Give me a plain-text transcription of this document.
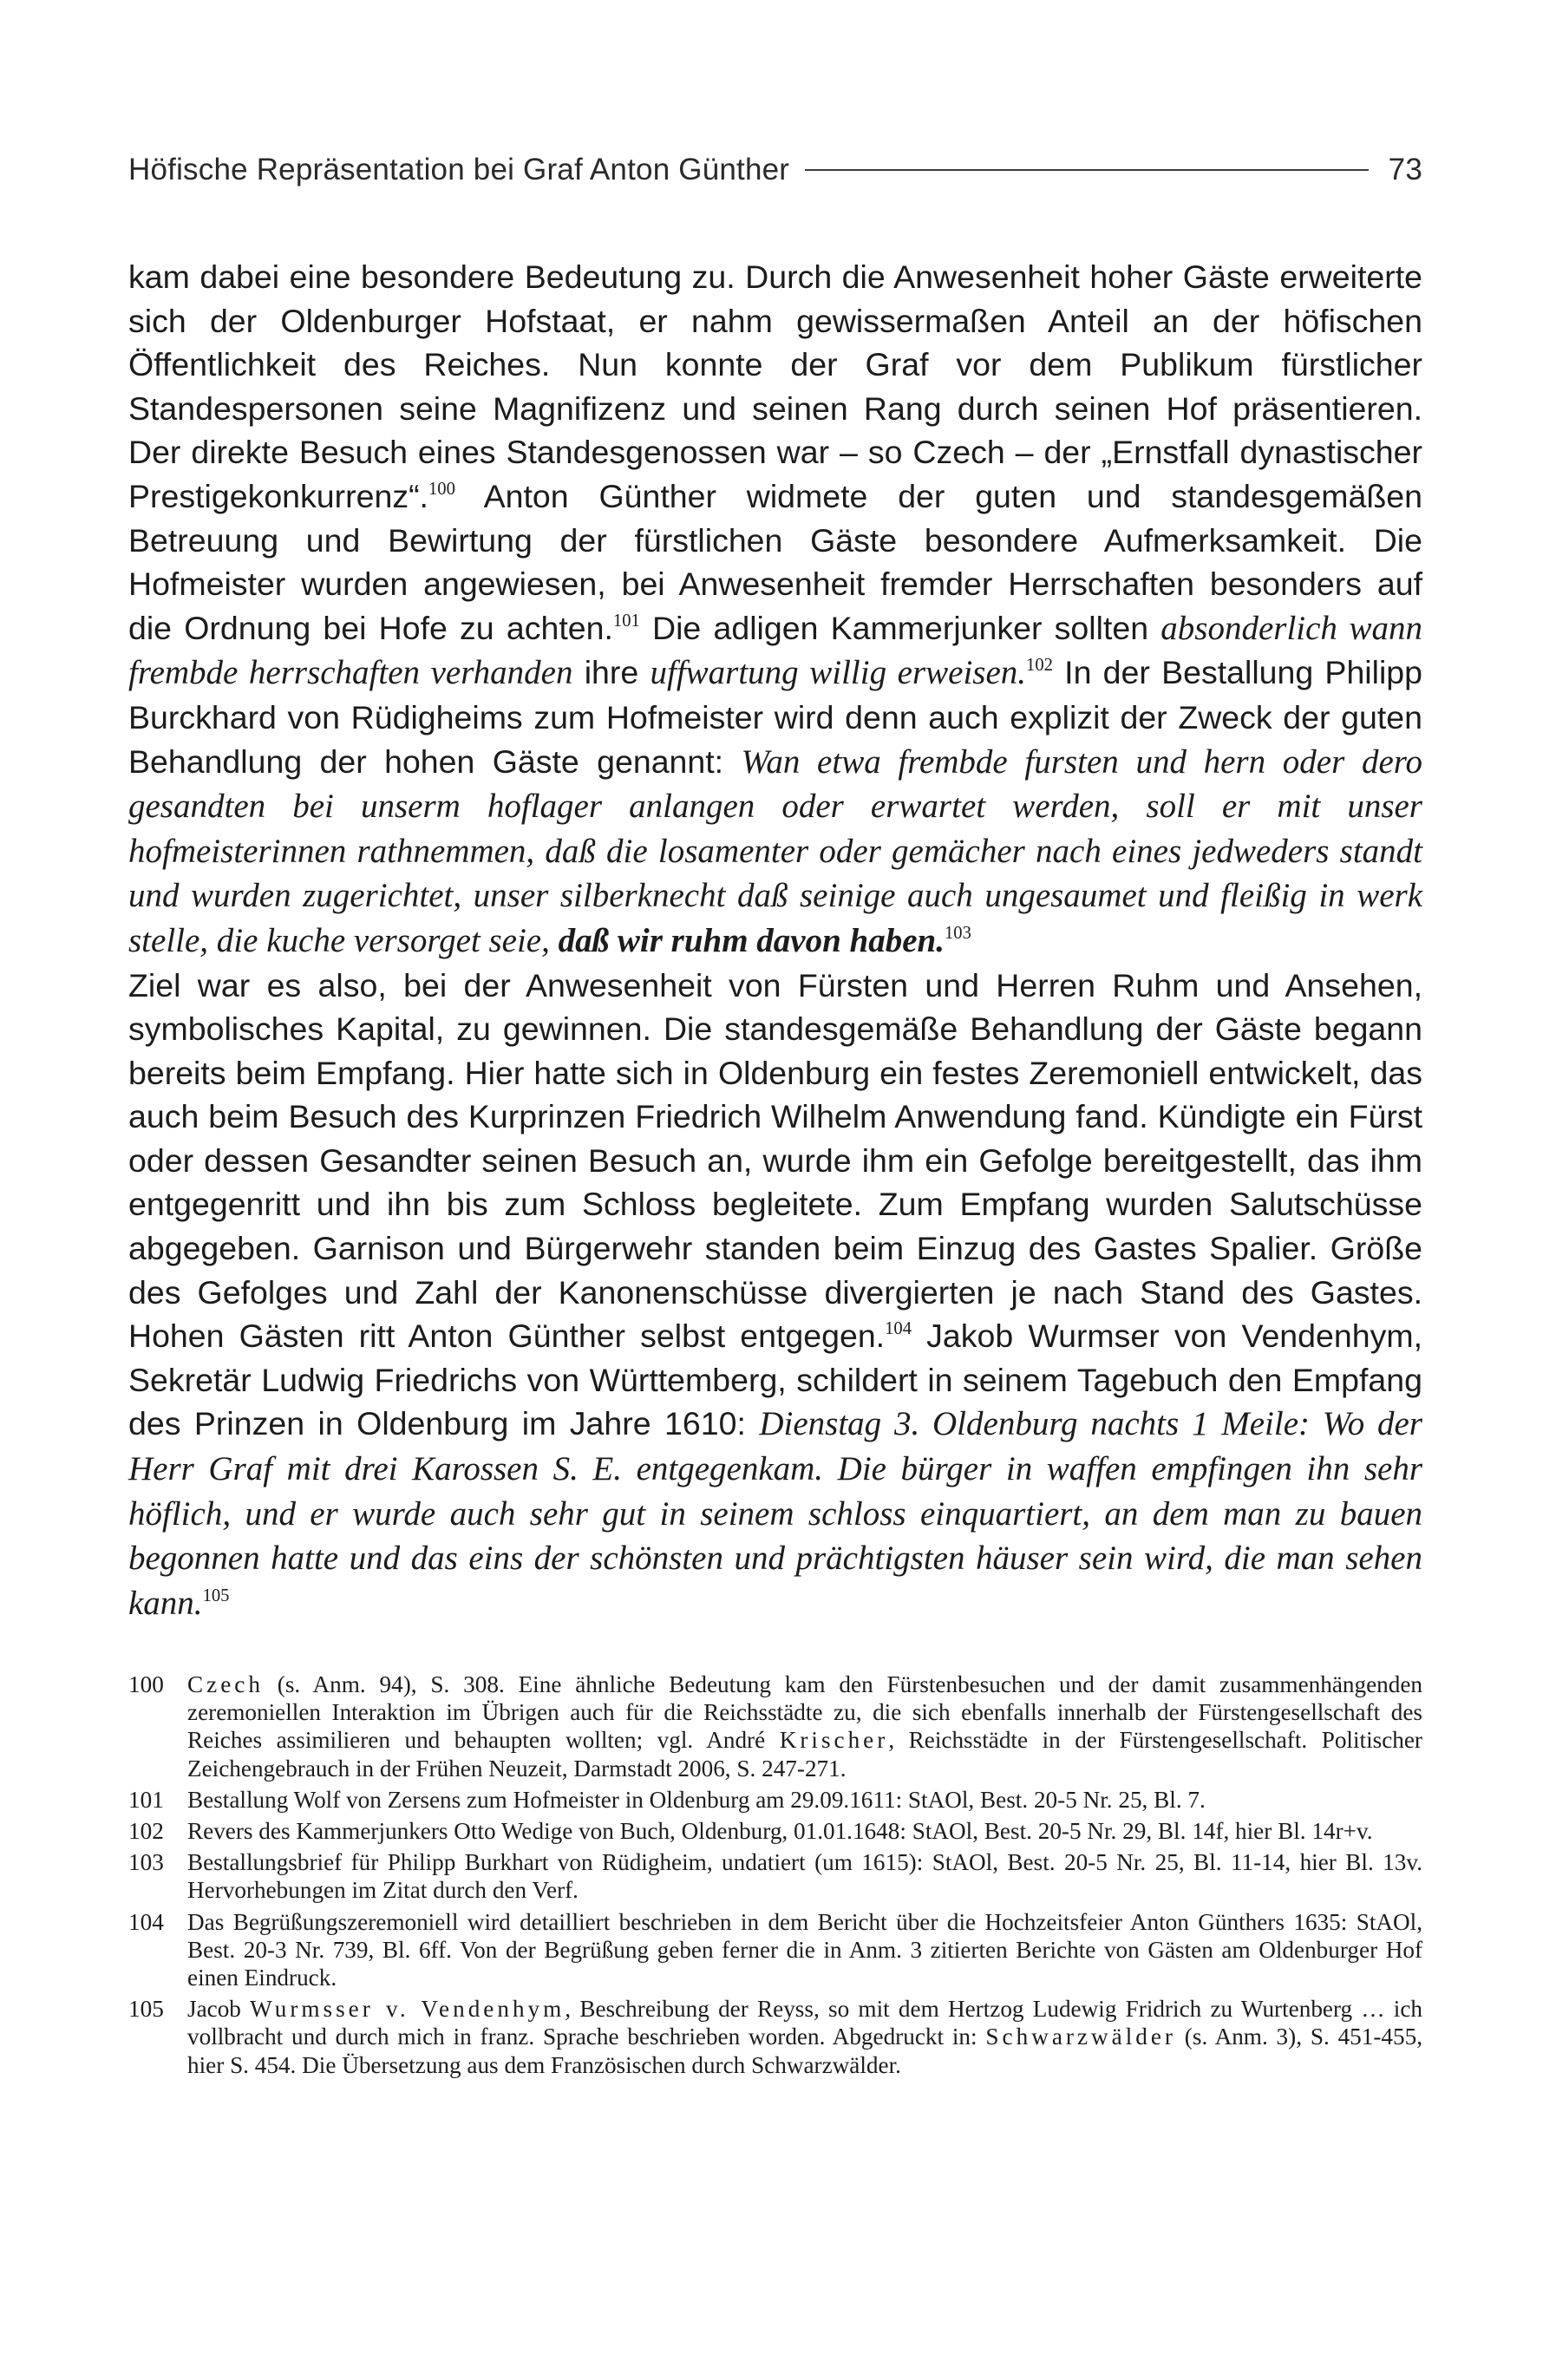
Höfische Repräsentation bei Graf Anton Günther	73

kam dabei eine besondere Bedeutung zu. Durch die Anwesenheit hoher Gäste erweiterte sich der Oldenburger Hofstaat, er nahm gewissermaßen Anteil an der höfischen Öffentlichkeit des Reiches. Nun konnte der Graf vor dem Publikum fürstlicher Standespersonen seine Magnifizenz und seinen Rang durch seinen Hof präsentieren. Der direkte Besuch eines Standesgenossen war – so Czech – der „Ernstfall dynastischer Prestigekonkurrenz“.$^{100}$ Anton Günther widmete der guten und standesgemäßen Betreuung und Bewirtung der fürstlichen Gäste besondere Aufmerksamkeit. Die Hofmeister wurden angewiesen, bei Anwesenheit fremder Herrschaften besonders auf die Ordnung bei Hofe zu achten.$^{101}$ Die adligen Kammerjunker sollten absonderlich wann frembde herrschaften verhanden ihre uffwartung willig erweisen.$^{102}$ In der Bestallung Philipp Burckhard von Rüdigheims zum Hofmeister wird denn auch explizit der Zweck der guten Behandlung der hohen Gäste genannt: Wan etwa frembde fursten und hern oder dero gesandten bei unserm hoflager anlangen oder erwartet werden, soll er mit unser hofmeisterinnen rathnemmen, daß die losamenter oder gemächer nach eines jedweders standt und wurden zugerichtet, unser silberknecht daß seinige auch ungesaumet und fleißig in werk stelle, die kuche versorget seie, daß wir ruhm davon haben.$^{103}$

Ziel war es also, bei der Anwesenheit von Fürsten und Herren Ruhm und Ansehen, symbolisches Kapital, zu gewinnen. Die standesgemäße Behandlung der Gäste begann bereits beim Empfang. Hier hatte sich in Oldenburg ein festes Zeremoniell entwickelt, das auch beim Besuch des Kurprinzen Friedrich Wilhelm Anwendung fand. Kündigte ein Fürst oder dessen Gesandter seinen Besuch an, wurde ihm ein Gefolge bereitgestellt, das ihm entgegenritt und ihn bis zum Schloss begleitete. Zum Empfang wurden Salutschüsse abgegeben. Garnison und Bürgerwehr standen beim Einzug des Gastes Spalier. Größe des Gefolges und Zahl der Kanonenschüsse divergierten je nach Stand des Gastes. Hohen Gästen ritt Anton Günther selbst entgegen.$^{104}$ Jakob Wurmser von Vendenhym, Sekretär Ludwig Friedrichs von Württemberg, schildert in seinem Tagebuch den Empfang des Prinzen in Oldenburg im Jahre 1610: Dienstag 3. Oldenburg nachts 1 Meile: Wo der Herr Graf mit drei Karossen S. E. entgegenkam. Die bürger in waffen empfingen ihn sehr höflich, und er wurde auch sehr gut in seinem schloss einquartiert, an dem man zu bauen begonnen hatte und das eins der schönsten und prächtigsten häuser sein wird, die man sehen kann.$^{105}$

100	Czech (s. Anm. 94), S. 308. Eine ähnliche Bedeutung kam den Fürstenbesuchen und der damit zusammenhängenden zeremoniellen Interaktion im Übrigen auch für die Reichsstädte zu, die sich ebenfalls innerhalb der Fürstengesellschaft des Reiches assimilieren und behaupten wollten; vgl. André Krischer, Reichsstädte in der Fürstengesellschaft. Politischer Zeichengebrauch in der Frühen Neuzeit, Darmstadt 2006, S. 247-271.
101	Bestallung Wolf von Zersens zum Hofmeister in Oldenburg am 29.09.1611: StAOl, Best. 20-5 Nr. 25, Bl. 7.
102	Revers des Kammerjunkers Otto Wedige von Buch, Oldenburg, 01.01.1648: StAOl, Best. 20-5 Nr. 29, Bl. 14f, hier Bl. 14r+v.
103	Bestallungsbrief für Philipp Burkhart von Rüdigheim, undatiert (um 1615): StAOl, Best. 20-5 Nr. 25, Bl. 11-14, hier Bl. 13v. Hervorhebungen im Zitat durch den Verf.
104	Das Begrüßungszeremoniell wird detailliert beschrieben in dem Bericht über die Hochzeitsfeier Anton Günthers 1635: StAOl, Best. 20-3 Nr. 739, Bl. 6ff. Von der Begrüßung geben ferner die in Anm. 3 zitierten Berichte von Gästen am Oldenburger Hof einen Eindruck.
105	Jacob Wurmsser v. Vendenhym, Beschreibung der Reyss, so mit dem Hertzog Ludewig Fridrich zu Wurtenberg … ich vollbracht und durch mich in franz. Sprache beschrieben worden. Abgedruckt in: Schwarzwälder (s. Anm. 3), S. 451-455, hier S. 454. Die Übersetzung aus dem Französischen durch Schwarzwälder.
